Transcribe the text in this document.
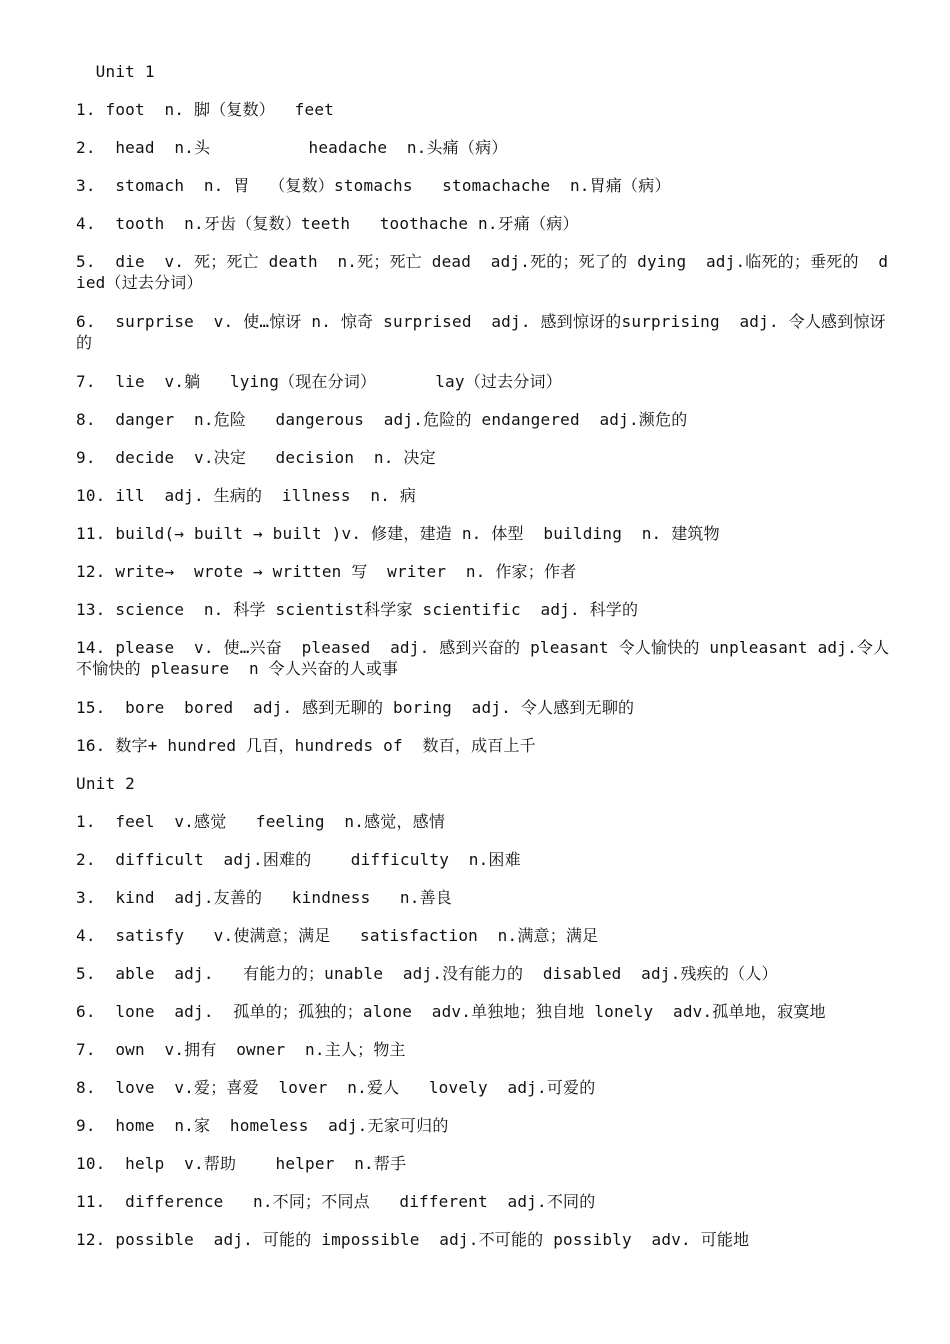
Unit 1
1. foot  n. 脚（复数）  feet
2.  head  n.头          headache  n.头痛（病）
3.  stomach  n. 胃  （复数）stomachs   stomachache  n.胃痛（病）
4.  tooth  n.牙齿（复数）teeth   toothache n.牙痛（病）
5.  die  v. 死；死亡 death  n.死；死亡 dead  adj.死的；死了的 dying  adj.临死的；垂死的  died（过去分词）
6.  surprise  v. 使…惊讶 n. 惊奇 surprised  adj. 感到惊讶的surprising  adj. 令人感到惊讶的
7.  lie  v.躺   lying（现在分词）      lay（过去分词）
8.  danger  n.危险   dangerous  adj.危险的 endangered  adj.濒危的
9.  decide  v.决定   decision  n. 决定
10. ill  adj. 生病的  illness  n. 病
11. build(→ built → built )v. 修建，建造 n. 体型  building  n. 建筑物
12. write→  wrote → written 写  writer  n. 作家；作者
13. science  n. 科学 scientist科学家 scientific  adj. 科学的
14. please  v. 使…兴奋  pleased  adj. 感到兴奋的 pleasant 令人愉快的 unpleasant adj.令人不愉快的 pleasure  n 令人兴奋的人或事
15.  bore  bored  adj. 感到无聊的 boring  adj. 令人感到无聊的
16. 数字+ hundred 几百，hundreds of  数百，成百上千
Unit 2
1.  feel  v.感觉   feeling  n.感觉，感情
2.  difficult  adj.困难的    difficulty  n.困难
3.  kind  adj.友善的   kindness   n.善良
4.  satisfy   v.使满意；满足   satisfaction  n.满意；满足
5.  able  adj.   有能力的；unable  adj.没有能力的  disabled  adj.残疾的（人）
6.  lone  adj.  孤单的；孤独的；alone  adv.单独地；独自地 lonely  adv.孤单地，寂寞地
7.  own  v.拥有  owner  n.主人；物主
8.  love  v.爱；喜爱  lover  n.爱人   lovely  adj.可爱的
9.  home  n.家  homeless  adj.无家可归的
10.  help  v.帮助    helper  n.帮手
11.  difference   n.不同；不同点   different  adj.不同的
12. possible  adj. 可能的 impossible  adj.不可能的 possibly  adv. 可能地
